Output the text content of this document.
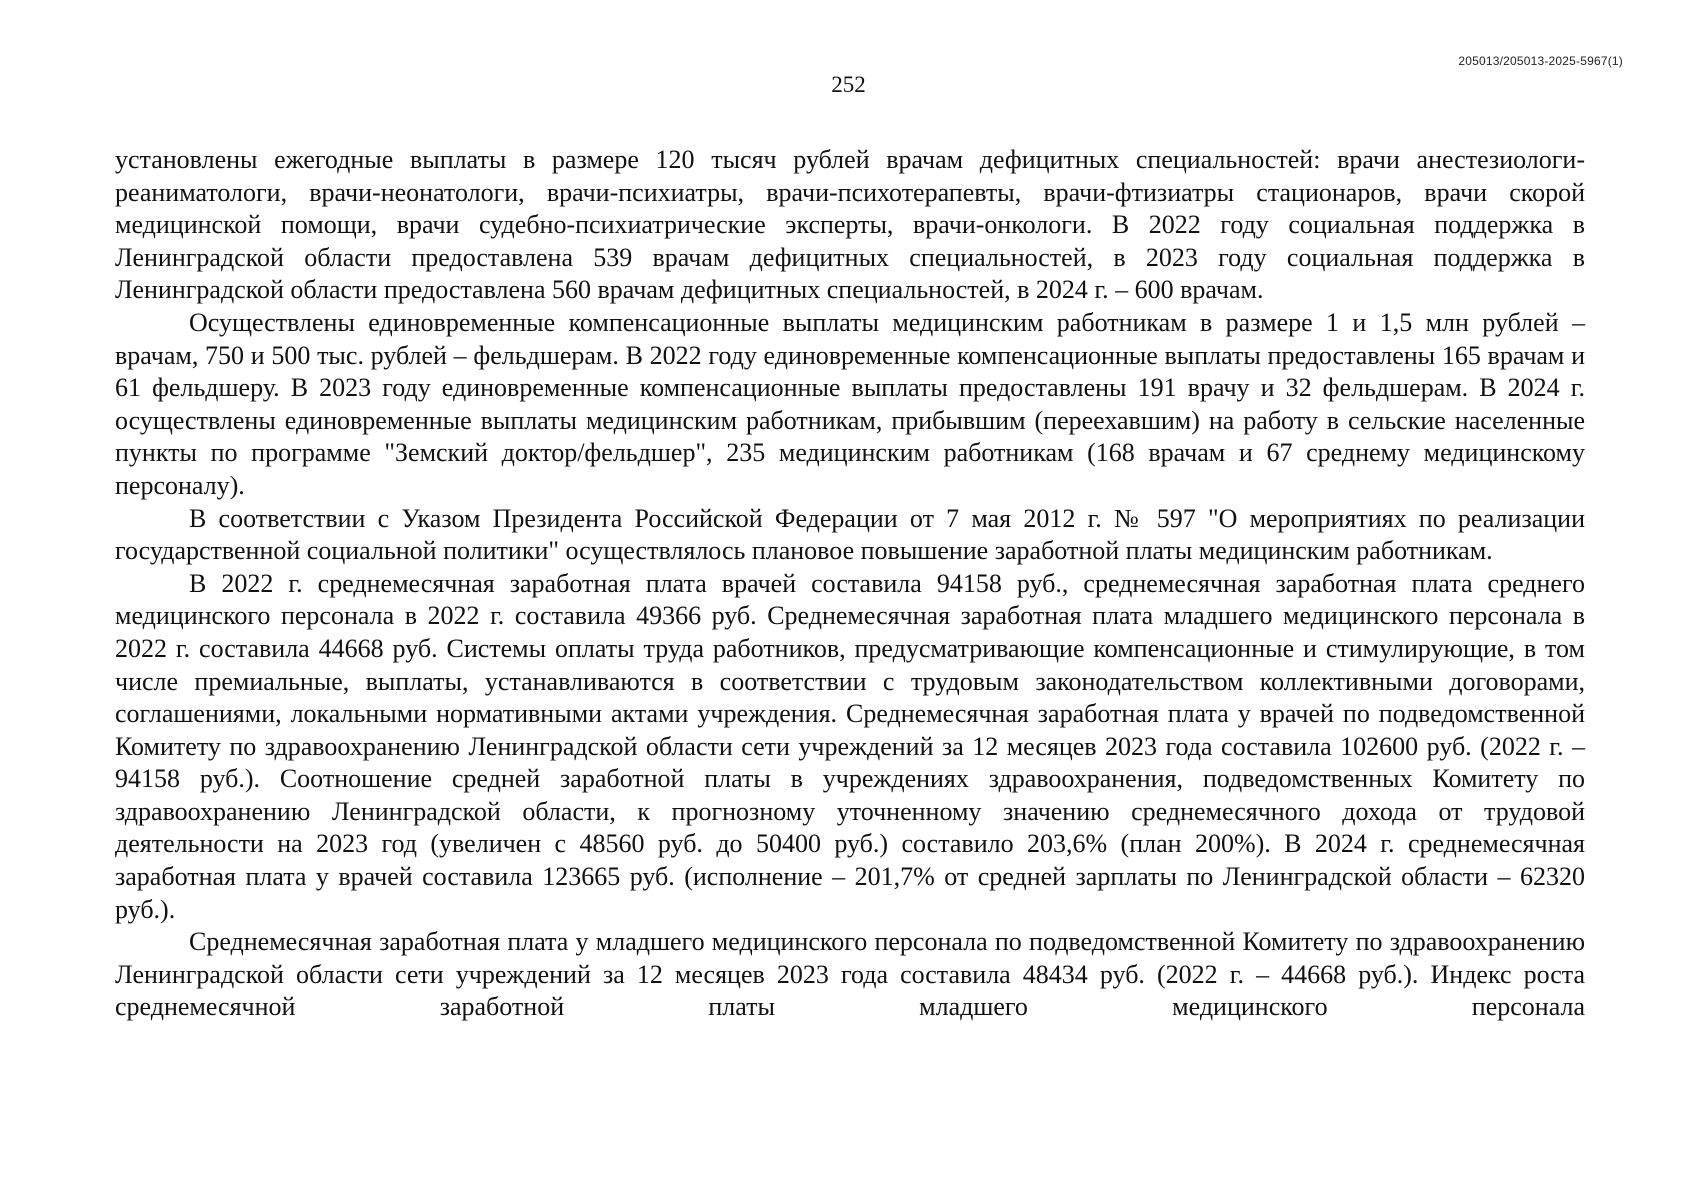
205013/205013-2025-5967(1)
252

установлены ежегодные выплаты в размере 120 тысяч рублей врачам дефицитных специальностей: врачи анестезиологи-реаниматологи, врачи-неонатологи, врачи-психиатры, врачи-психотерапевты, врачи-фтизиатры стационаров, врачи скорой медицинской помощи, врачи судебно-психиатрические эксперты, врачи-онкологи. В 2022 году социальная поддержка в Ленинградской области предоставлена 539 врачам дефицитных специальностей, в 2023 году социальная поддержка в Ленинградской области предоставлена 560 врачам дефицитных специальностей, в 2024 г. – 600 врачам.

Осуществлены единовременные компенсационные выплаты медицинским работникам в размере 1 и 1,5 млн рублей – врачам, 750 и 500 тыс. рублей – фельдшерам. В 2022 году единовременные компенсационные выплаты предоставлены 165 врачам и 61 фельдшеру. В 2023 году единовременные компенсационные выплаты предоставлены 191 врачу и 32 фельдшерам. В 2024 г. осуществлены единовременные выплаты медицинским работникам, прибывшим (переехавшим) на работу в сельские населенные пункты по программе "Земский доктор/фельдшер", 235 медицинским работникам (168 врачам и 67 среднему медицинскому персоналу).

В соответствии с Указом Президента Российской Федерации от 7 мая 2012 г. № 597 "О мероприятиях по реализации государственной социальной политики" осуществлялось плановое повышение заработной платы медицинским работникам.

В 2022 г. среднемесячная заработная плата врачей составила 94158 руб., среднемесячная заработная плата среднего медицинского персонала в 2022 г. составила 49366 руб. Среднемесячная заработная плата младшего медицинского персонала в 2022 г. составила 44668 руб. Системы оплаты труда работников, предусматривающие компенсационные и стимулирующие, в том числе премиальные, выплаты, устанавливаются в соответствии с трудовым законодательством коллективными договорами, соглашениями, локальными нормативными актами учреждения. Среднемесячная заработная плата у врачей по подведомственной Комитету по здравоохранению Ленинградской области сети учреждений за 12 месяцев 2023 года составила 102600 руб. (2022 г. – 94158 руб.). Соотношение средней заработной платы в учреждениях здравоохранения, подведомственных Комитету по здравоохранению Ленинградской области, к прогнозному уточненному значению среднемесячного дохода от трудовой деятельности на 2023 год (увеличен с 48560 руб. до 50400 руб.) составило 203,6% (план 200%). В 2024 г. среднемесячная заработная плата у врачей составила 123665 руб. (исполнение – 201,7% от средней зарплаты по Ленинградской области – 62320 руб.).

Среднемесячная заработная плата у младшего медицинского персонала по подведомственной Комитету по здравоохранению Ленинградской области сети учреждений за 12 месяцев 2023 года составила 48434 руб. (2022 г. – 44668 руб.). Индекс роста среднемесячной заработной платы младшего медицинского персонала
